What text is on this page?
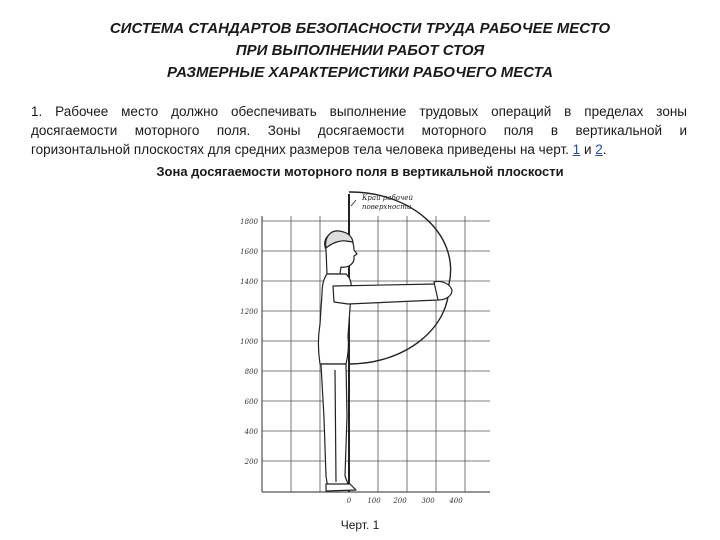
СИСТЕМА СТАНДАРТОВ БЕЗОПАСНОСТИ ТРУДА РАБОЧЕЕ МЕСТО
ПРИ ВЫПОЛНЕНИИ РАБОТ СТОЯ
РАЗМЕРНЫЕ ХАРАКТЕРИСТИКИ РАБОЧЕГО МЕСТА
1. Рабочее место должно обеспечивать выполнение трудовых операций в пределах зоны
досягаемости моторного поля. Зоны досягаемости моторного поля в вертикальной и
горизонтальной плоскостях для средних размеров тела человека приведены на черт. 1 и 2.
Зона досягаемости моторного поля в вертикальной плоскости
1800
1600
1400
1200
1000
800
600
400
200
0 100 200 300 400
Край рабочей
поверхности
Черт. 1
